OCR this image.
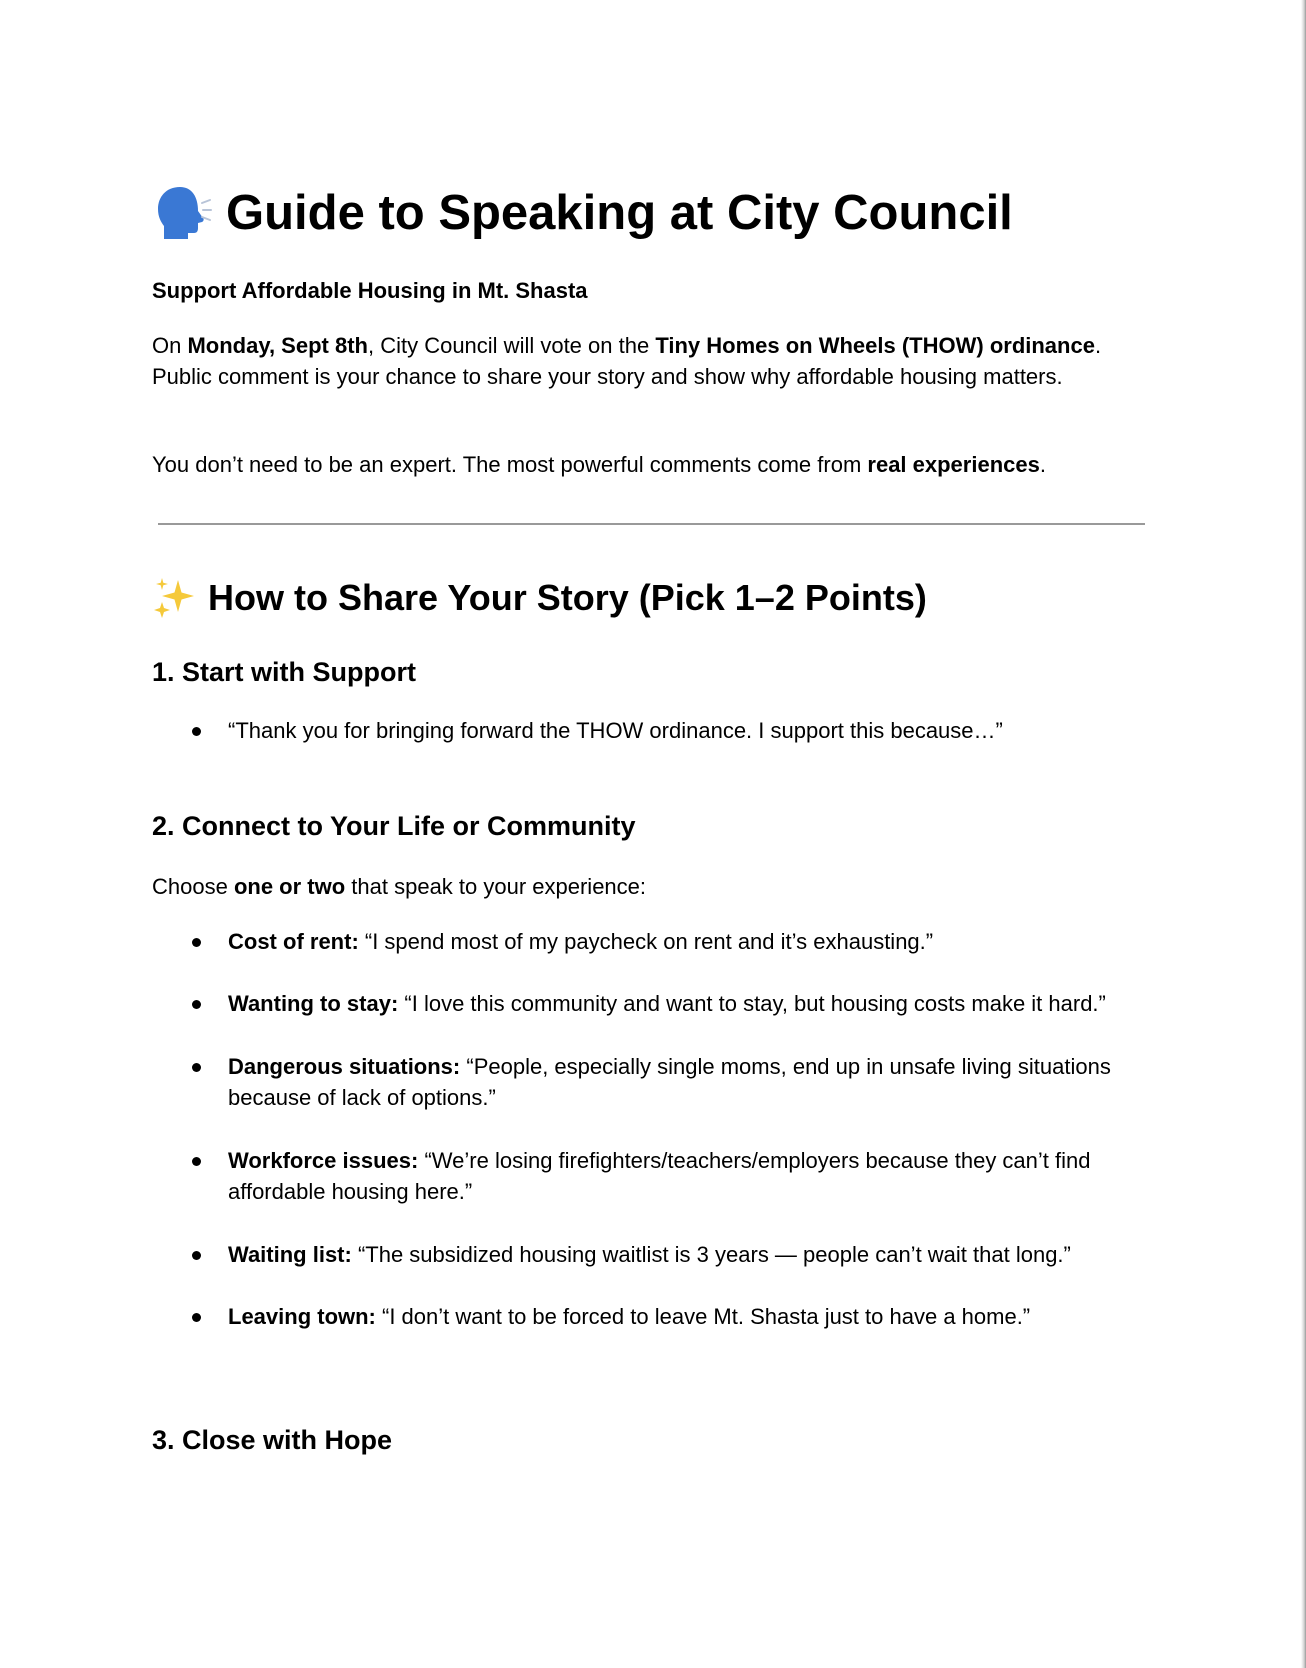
Guide to Speaking at City Council
Support Affordable Housing in Mt. Shasta
On Monday, Sept 8th, City Council will vote on the Tiny Homes on Wheels (THOW) ordinance. Public comment is your chance to share your story and show why affordable housing matters.
You don’t need to be an expert. The most powerful comments come from real experiences.
How to Share Your Story (Pick 1–2 Points)
1. Start with Support
“Thank you for bringing forward the THOW ordinance. I support this because…”
2. Connect to Your Life or Community
Choose one or two that speak to your experience:
Cost of rent: “I spend most of my paycheck on rent and it’s exhausting.”
Wanting to stay: “I love this community and want to stay, but housing costs make it hard.”
Dangerous situations: “People, especially single moms, end up in unsafe living situations because of lack of options.”
Workforce issues: “We’re losing firefighters/teachers/employers because they can’t find affordable housing here.”
Waiting list: “The subsidized housing waitlist is 3 years — people can’t wait that long.”
Leaving town: “I don’t want to be forced to leave Mt. Shasta just to have a home.”
3. Close with Hope
